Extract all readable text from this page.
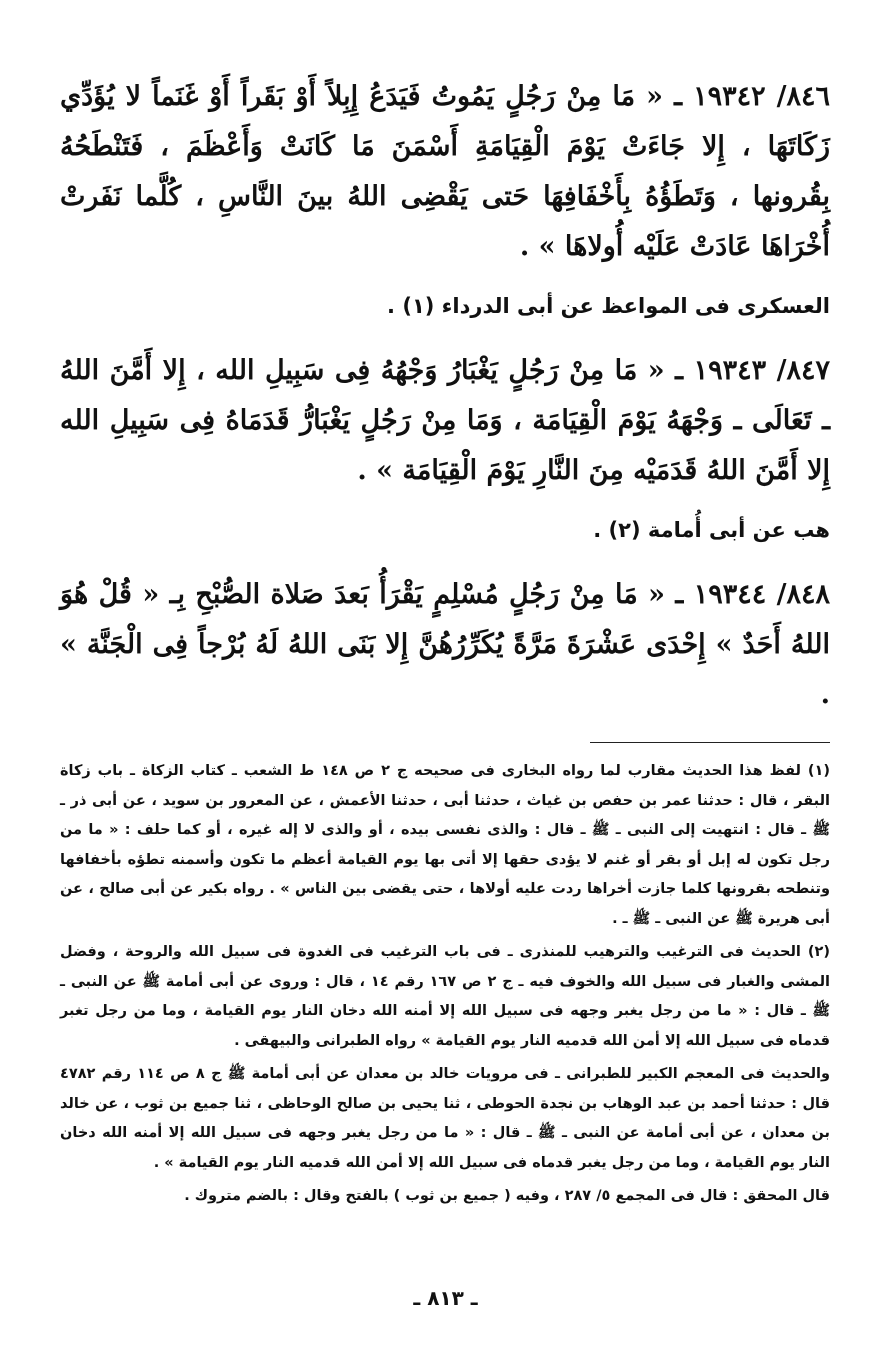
٨٤٦/ ١٩٣٤٢ ـ « مَا مِنْ رَجُلٍ يَمُوتُ فَيَدَعُ إِبِلاً أَوْ بَقَراً أَوْ غَنَماً لا يُؤَدِّي زَكَاتَهَا ، إِلا جَاءَتْ يَوْمَ الْقِيَامَةِ أَسْمَنَ مَا كَانَتْ وَأَعْظَمَ ، فَتَنْطَحُهُ بِقُرونها ، وَتَطَؤُهُ بِأَخْفَافِهَا حَتى يَقْضِى اللهُ بينَ النَّاسِ ، كُلَّما نَفَرتْ أُخْرَاهَا عَادَتْ عَلَيْه أُولاهَا » .

العسكرى فى المواعظ عن أبى الدرداء (١) .

٨٤٧/ ١٩٣٤٣ ـ « مَا مِنْ رَجُلٍ يَغْبَارُ وَجْهُهُ فِى سَبِيلِ الله ، إِلا أَمَّنَ اللهُ ـ تَعَالَى ـ وَجْهَهُ يَوْمَ الْقِيَامَة ، وَمَا مِنْ رَجُلٍ يَغْبَارُّ قَدَمَاهُ فِى سَبِيلِ الله إِلا أَمَّنَ اللهُ قَدَمَيْه مِنَ النَّارِ يَوْمَ الْقِيَامَة » .

هب عن أبى أُمامة (٢) .

٨٤٨/ ١٩٣٤٤ ـ « مَا مِنْ رَجُلٍ مُسْلِمٍ يَقْرَأُ بَعدَ صَلاة الصُّبْحِ بِـ « قُلْ هُوَ اللهُ أَحَدٌ » إِحْدَى عَشْرَةَ مَرَّةً يُكَرِّرُهُنَّ إِلا بَنَى اللهُ لَهُ بُرْجاً فِى الْجَنَّة » .

(١) لفظ هذا الحديث مقارب لما رواه البخارى فى صحيحه ج ٢ ص ١٤٨ ط الشعب ـ كتاب الزكاة ـ باب زكاة البقر ، قال : حدثنا عمر بن حفص بن غياث ، حدثنا أبى ، حدثنا الأعمش ، عن المعرور بن سويد ، عن أبى ذر ـ ﷺ ـ قال : انتهيت إلى النبى ـ ﷺ ـ قال : والذى نفسى بيده ، أو والذى لا إله غيره ، أو كما حلف : « ما من رجل تكون له إبل أو بقر أو غنم لا يؤدى حقها إلا أتى بها يوم القيامة أعظم ما تكون وأسمنه تطؤه بأخفافها وتنطحه بقرونها كلما جازت أخراها ردت عليه أولاها ، حتى يقضى بين الناس » . رواه بكير عن أبى صالح ، عن أبى هريرة ﷺ عن النبى ـ ﷺ ـ .

(٢) الحديث فى الترغيب والترهيب للمنذرى ـ فى باب الترغيب فى الغدوة فى سبيل الله والروحة ، وفضل المشى والغبار فى سبيل الله والخوف فيه ـ ج ٢ ص ١٦٧ رقم ١٤ ، قال : وروى عن أبى أمامة ﷺ عن النبى ـ ﷺ ـ قال : « ما من رجل يغبر وجهه فى سبيل الله إلا أمنه الله دخان النار يوم القيامة ، وما من رجل تغبر قدماه فى سبيل الله إلا أمن الله قدميه النار يوم القيامة » رواه الطبرانى والبيهقى .

والحديث فى المعجم الكبير للطبرانى ـ فى مرويات خالد بن معدان عن أبى أمامة ﷺ ج ٨ ص ١١٤ رقم ٤٧٨٢ قال : حدثنا أحمد بن عبد الوهاب بن نجدة الحوطى ، ثنا يحيى بن صالح الوحاظى ، ثنا جميع بن ثوب ، عن خالد بن معدان ، عن أبى أمامة عن النبى ـ ﷺ ـ قال : « ما من رجل يغبر وجهه فى سبيل الله إلا أمنه الله دخان النار يوم القيامة ، وما من رجل يغبر قدماه فى سبيل الله إلا أمن الله قدميه النار يوم القيامة » .

قال المحقق : قال فى المجمع ٥/ ٢٨٧ ، وفيه ( جميع بن ثوب ) بالفتح وقال : بالضم متروك .

ـ ٨١٣ ـ
